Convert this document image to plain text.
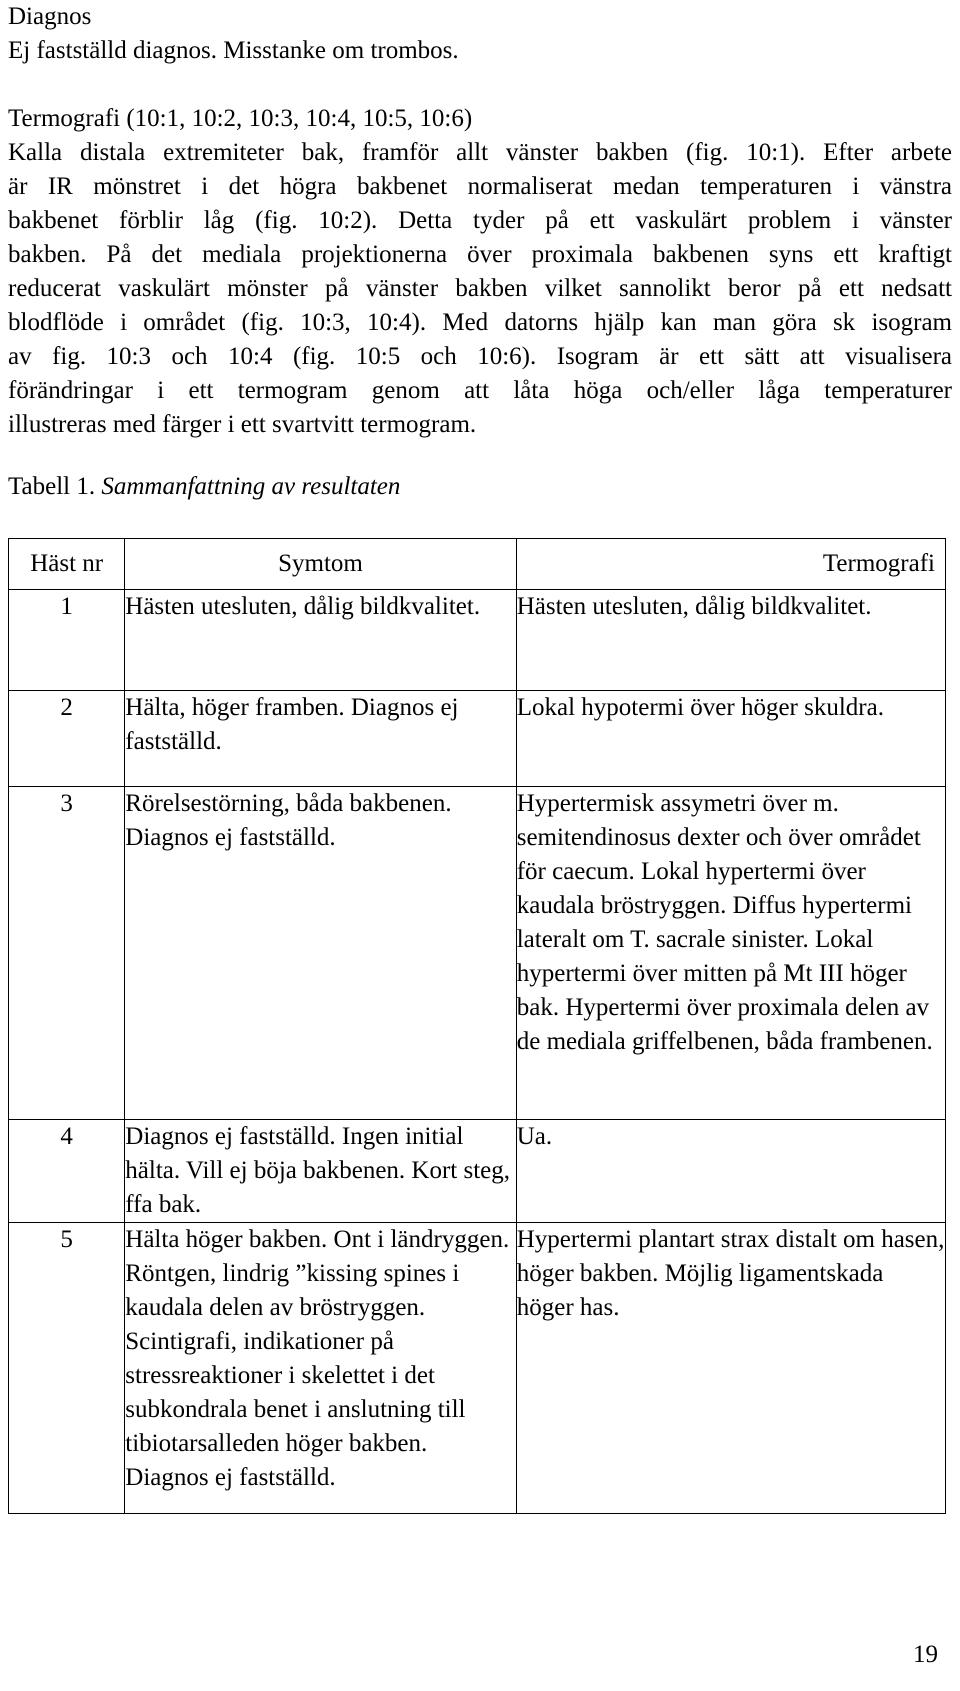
Diagnos

Ej fastställd diagnos. Misstanke om trombos.

Termografi (10:1, 10:2, 10:3, 10:4, 10:5, 10:6)

Kalla distala extremiteter bak, framför allt vänster bakben (fig. 10:1). Efter arbete
är IR mönstret i det högra bakbenet normaliserat medan temperaturen i vänstra
bakbenet förblir låg (fig. 10:2). Detta tyder på ett vaskulärt problem i vänster
bakben. På det mediala projektionerna över proximala bakbenen syns ett kraftigt
reducerat vaskulärt mönster på vänster bakben vilket sannolikt beror på ett nedsatt
blodflöde i området (fig. 10:3, 10:4). Med datorns hjälp kan man göra sk isogram
av fig. 10:3 och 10:4 (fig. 10:5 och 10:6). Isogram är ett sätt att visualisera
förändringar i ett termogram genom att låta höga och/eller låga temperaturer
illustreras med färger i ett svartvitt termogram.

Tabell 1. Sammanfattning av resultaten

Häst nr	Symtom	Termografi
1	Hästen utesluten, dålig bildkvalitet.	Hästen utesluten, dålig bildkvalitet.
2	Hälta, höger framben. Diagnos ej fastställd.	Lokal hypotermi över höger skuldra.
3	Rörelsestörning, båda bakbenen. Diagnos ej fastställd.	Hypertermisk assymetri över m. semitendinosus dexter och över området för caecum. Lokal hypertermi över kaudala bröstryggen. Diffus hypertermi lateralt om T. sacrale sinister. Lokal hypertermi över mitten på Mt III höger bak. Hypertermi över proximala delen av de mediala griffelbenen, båda frambenen.
4	Diagnos ej fastställd. Ingen initial hälta. Vill ej böja bakbenen. Kort steg, ffa bak.	Ua.
5	Hälta höger bakben. Ont i ländryggen. Röntgen, lindrig ”kissing spines i kaudala delen av bröstryggen. Scintigrafi, indikationer på stressreaktioner i skelettet i det subkondrala benet i anslutning till tibiotarsalleden höger bakben. Diagnos ej fastställd.	Hypertermi plantart strax distalt om hasen, höger bakben. Möjlig ligamentskada höger has.
19
